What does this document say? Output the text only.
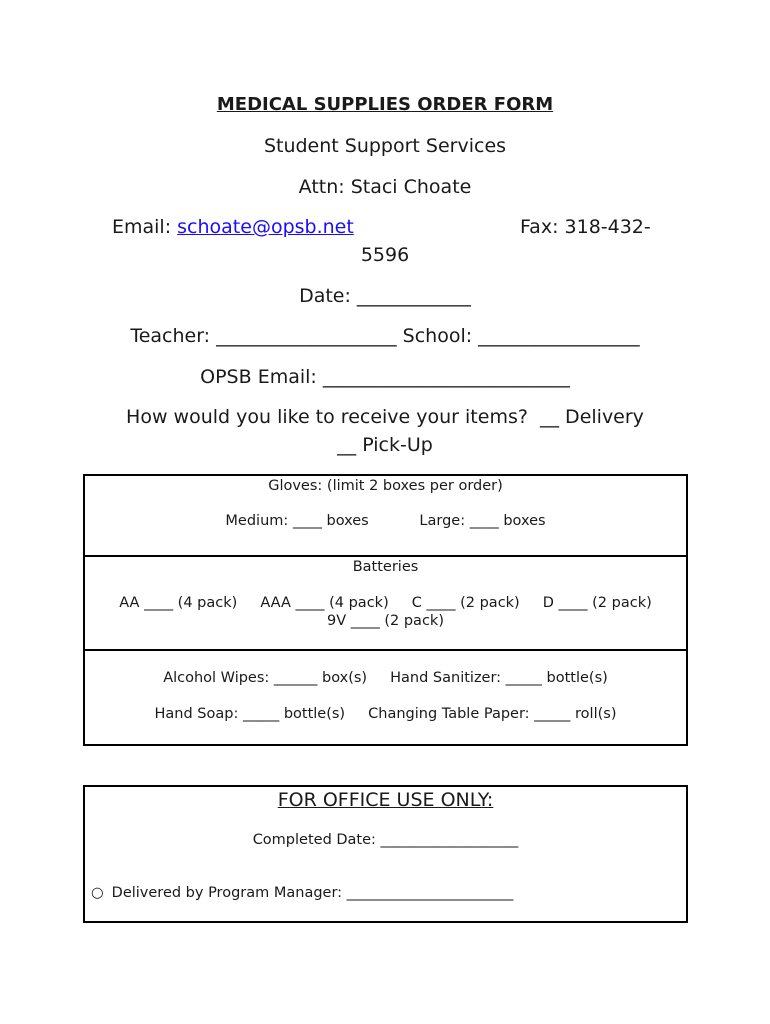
MEDICAL SUPPLIES ORDER FORM
Student Support Services
Attn: Staci Choate
Email: schoate@opsb.net	Fax: 318-432-
5596
Date: ____________
Teacher: ___________________ School: _________________
OPSB Email: __________________________
How would you like to receive your items?  __ Delivery
__ Pick-Up
Gloves: (limit 2 boxes per order)
Medium: ____ boxes           Large: ____ boxes
Batteries
AA ____ (4 pack)     AAA ____ (4 pack)     C ____ (2 pack)     D ____ (2 pack)
9V ____ (2 pack)
Alcohol Wipes: ______ box(s)     Hand Sanitizer: _____ bottle(s)
Hand Soap: _____ bottle(s)     Changing Table Paper: _____ roll(s)
FOR OFFICE USE ONLY:
Completed Date: ___________________
○ Delivered by Program Manager: _______________________
